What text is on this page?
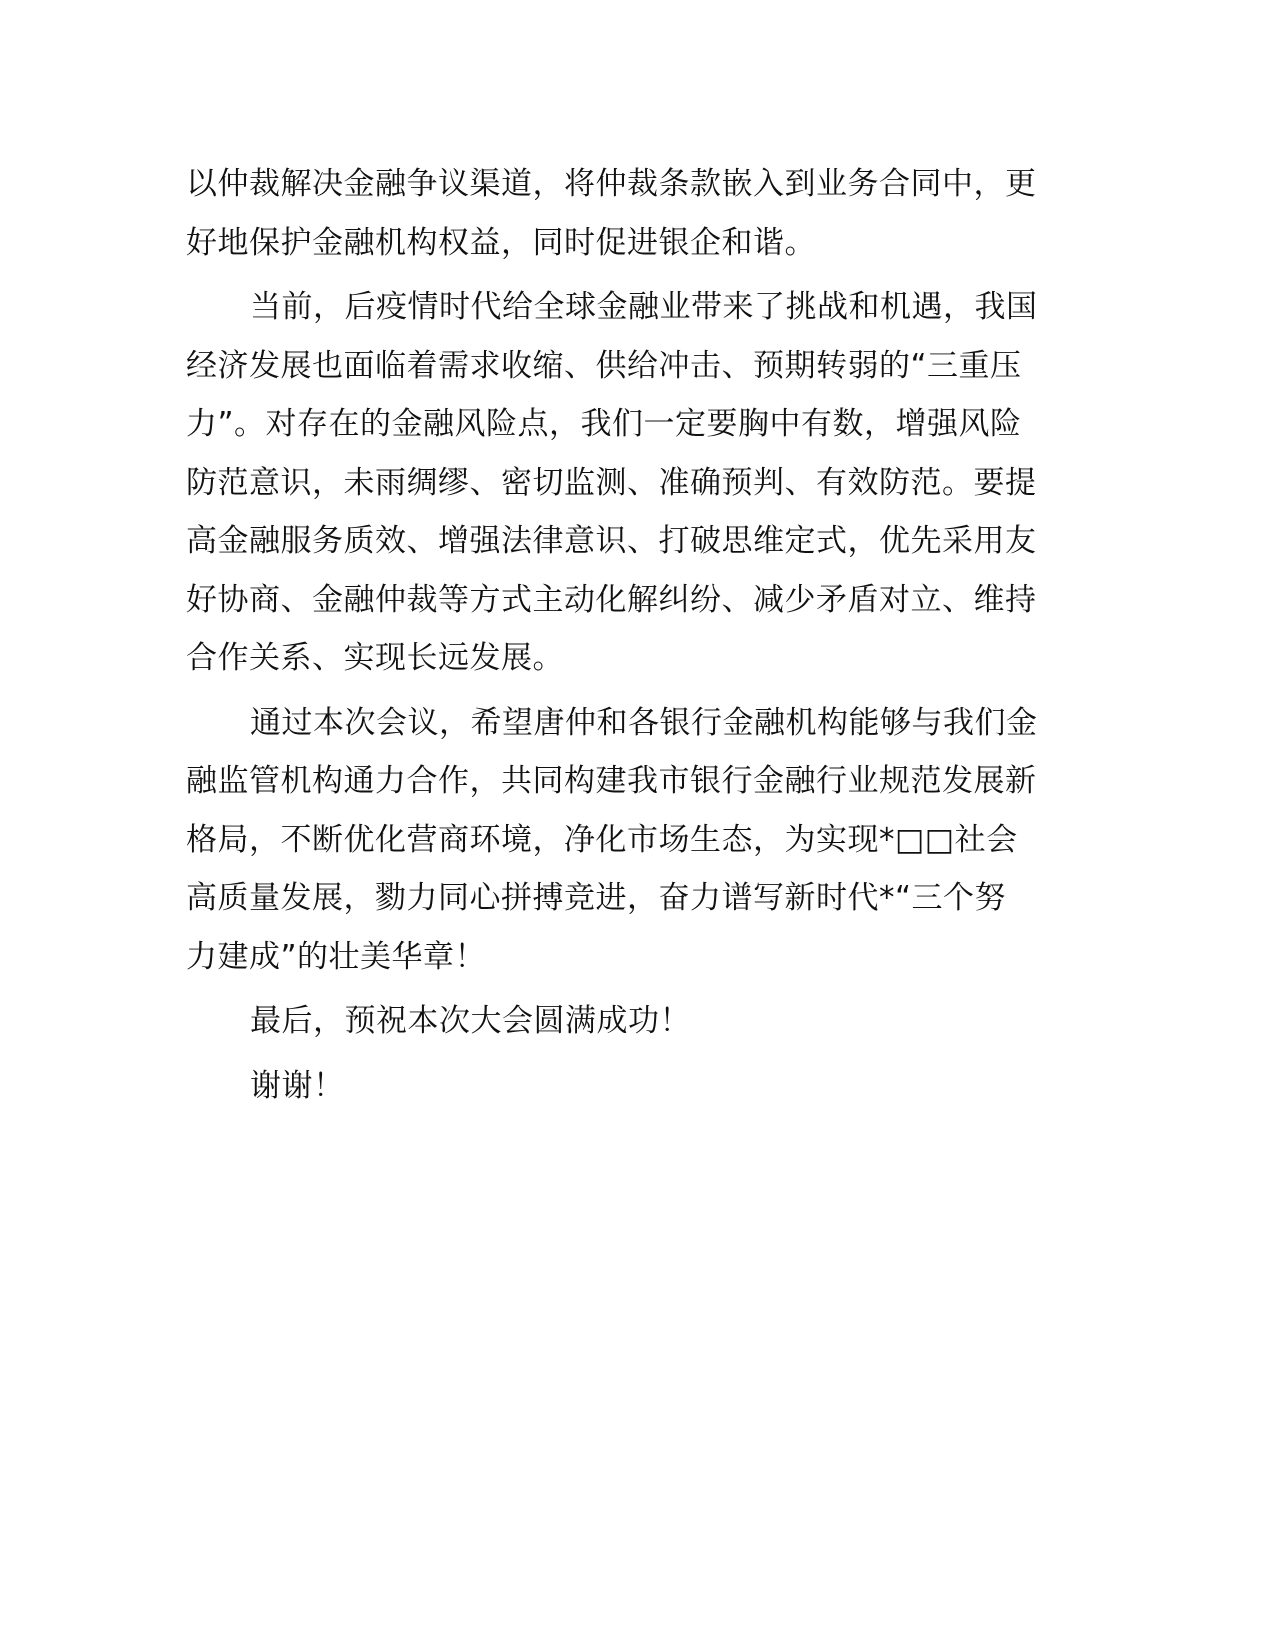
以仲裁解决金融争议渠道，将仲裁条款嵌入到业务合同中，更
好地保护金融机构权益，同时促进银企和谐。
当前，后疫情时代给全球金融业带来了挑战和机遇，我国
经济发展也面临着需求收缩、供给冲击、预期转弱的“三重压
力”。对存在的金融风险点，我们一定要胸中有数，增强风险
防范意识，未雨绸缪、密切监测、准确预判、有效防范。要提
高金融服务质效、增强法律意识、打破思维定式，优先采用友
好协商、金融仲裁等方式主动化解纠纷、减少矛盾对立、维持
合作关系、实现长远发展。
通过本次会议，希望唐仲和各银行金融机构能够与我们金
融监管机构通力合作，共同构建我市银行金融行业规范发展新
格局，不断优化营商环境，净化市场生态，为实现*□□社会
高质量发展，勠力同心拼搏竞进，奋力谱写新时代*“三个努
力建成”的壮美华章！
最后，预祝本次大会圆满成功！
谢谢！
